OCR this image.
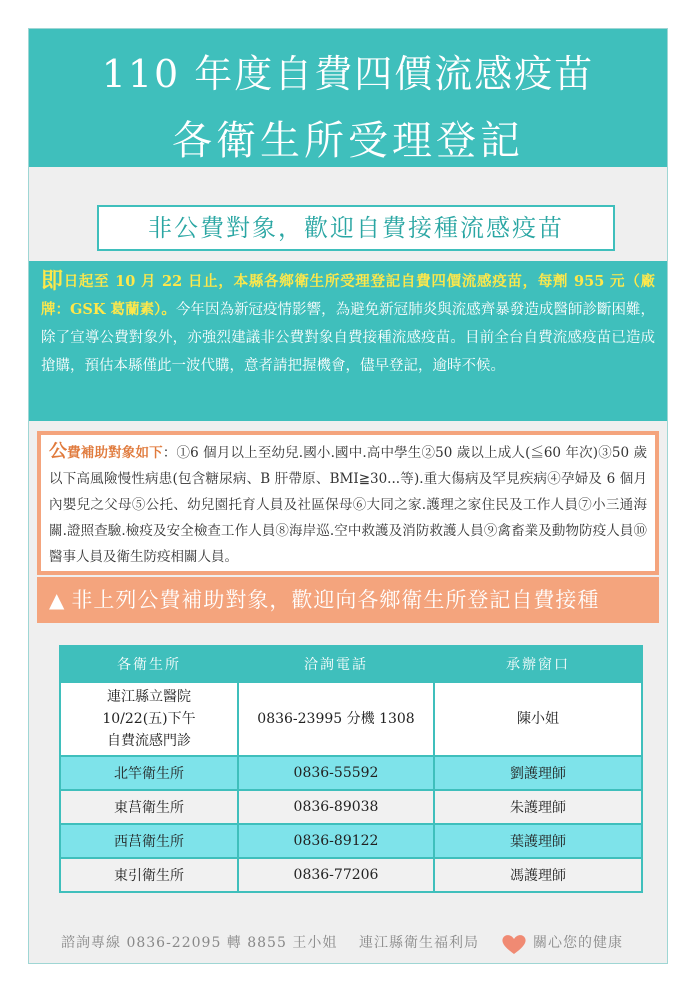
110 年度自費四價流感疫苗
各衛生所受理登記
非公費對象，歡迎自費接種流感疫苗
即日起至 10 月 22 日止，本縣各鄉衛生所受理登記自費四價流感疫苗，每劑 955 元（廠牌：GSK 葛蘭素）。今年因為新冠疫情影響，為避免新冠肺炎與流感齊暴發造成醫師診斷困難，除了宣導公費對象外，亦強烈建議非公費對象自費接種流感疫苗。目前全台自費流感疫苗已造成搶購，預估本縣僅此一波代購，意者請把握機會，儘早登記，逾時不候。
公費補助對象如下：①6 個月以上至幼兒.國小.國中.高中學生②50 歲以上成人(≦60 年次)③50 歲以下高風險慢性病患(包含糖尿病、B 肝帶原、BMI≧30...等).重大傷病及罕見疾病④孕婦及 6 個月內嬰兒之父母⑤公托、幼兒園托育人員及社區保母⑥大同之家.護理之家住民及工作人員⑦小三通海關.證照查驗.檢疫及安全檢查工作人員⑧海岸巡.空中救護及消防救護人員⑨禽畜業及動物防疫人員⑩醫事人員及衛生防疫相關人員。
▲ 非上列公費補助對象，歡迎向各鄉衛生所登記自費接種
各衛生所	洽詢電話	承辦窗口

連江縣立醫院
10/22(五)下午
自費流感門診	0836-23995 分機 1308	陳小姐
北竿衛生所	0836-55592	劉護理師
東莒衛生所	0836-89038	朱護理師
西莒衛生所	0836-89122	葉護理師
東引衛生所	0836-77206	馮護理師
諮詢專線 0836-22095 轉 8855 王小姐 連江縣衛生福利局	關心您的健康
